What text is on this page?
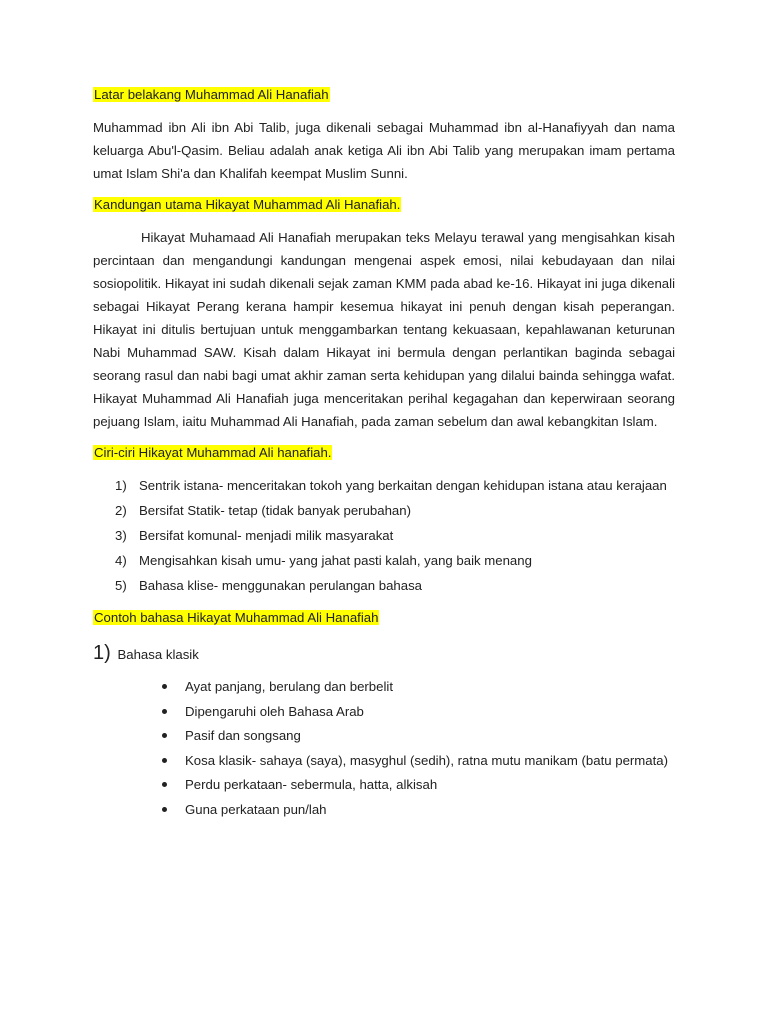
Latar belakang Muhammad Ali Hanafiah

Muhammad ibn Ali ibn Abi Talib, juga dikenali sebagai Muhammad ibn al-Hanafiyyah dan nama keluarga Abu'l-Qasim. Beliau adalah anak ketiga Ali ibn Abi Talib yang merupakan imam pertama umat Islam Shi'a dan Khalifah keempat Muslim Sunni.

Kandungan utama Hikayat Muhammad Ali Hanafiah.

Hikayat Muhamaad Ali Hanafiah merupakan teks Melayu terawal yang mengisahkan kisah percintaan dan mengandungi kandungan mengenai aspek emosi, nilai kebudayaan dan nilai sosiopolitik. Hikayat ini sudah dikenali sejak zaman KMM pada abad ke-16. Hikayat ini juga dikenali sebagai Hikayat Perang kerana hampir kesemua hikayat ini penuh dengan kisah peperangan. Hikayat ini ditulis bertujuan untuk menggambarkan tentang kekuasaan, kepahlawanan keturunan Nabi Muhammad SAW. Kisah dalam Hikayat ini bermula dengan perlantikan baginda sebagai seorang rasul dan nabi bagi umat akhir zaman serta kehidupan yang dilalui bainda sehingga wafat. Hikayat Muhammad Ali Hanafiah juga menceritakan perihal kegagahan dan keperwiraan seorang pejuang Islam, iaitu Muhammad Ali Hanafiah, pada zaman sebelum dan awal kebangkitan Islam.

Ciri-ciri Hikayat Muhammad Ali hanafiah.
1) Sentrik istana- menceritakan tokoh yang berkaitan dengan kehidupan istana atau kerajaan
2) Bersifat Statik- tetap (tidak banyak perubahan)
3) Bersifat komunal- menjadi milik masyarakat
4) Mengisahkan kisah umu- yang jahat pasti kalah, yang baik menang
5) Bahasa klise- menggunakan perulangan bahasa
Contoh bahasa Hikayat Muhammad Ali Hanafiah
1) Bahasa klasik
Ayat panjang, berulang dan berbelit
Dipengaruhi oleh Bahasa Arab
Pasif dan songsang
Kosa klasik- sahaya (saya), masyghul (sedih), ratna mutu manikam (batu permata)
Perdu perkataan- sebermula, hatta, alkisah
Guna perkataan pun/lah
